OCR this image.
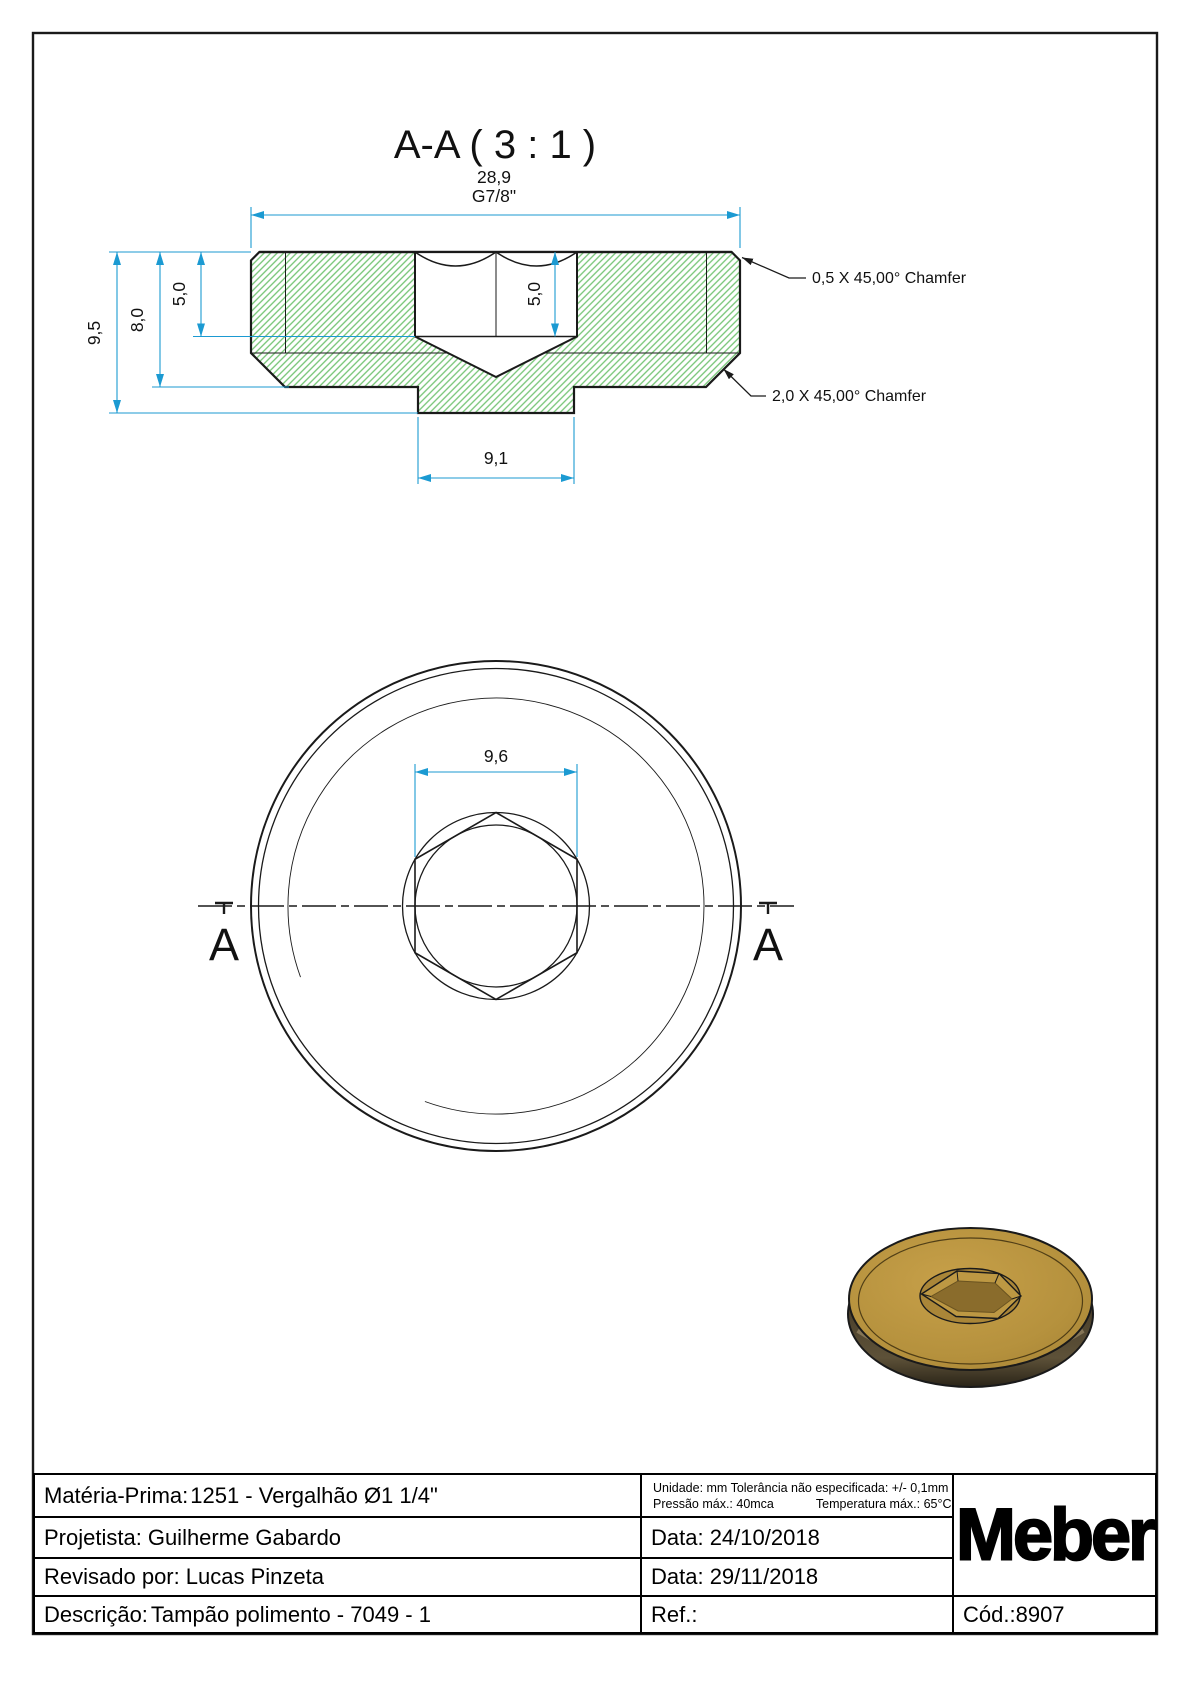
A-A ( 3 : 1 )
28,9
G7/8"
5,0
8,0
9,5
5,0
9,1
0,5 X 45,00° Chamfer
2,0 X 45,00° Chamfer
A	A
9,6
Matéria-Prima: 1251 - Vergalhão Ø1 1/4"
Projetista: Guilherme Gabardo
Revisado por: Lucas Pinzeta
Descrição: Tampão polimento - 7049 - 1
Unidade: mm Tolerância não especificada: +/- 0,1mm
Pressão máx.: 40mca	Temperatura máx.: 65°C
Data: 24/10/2018
Data: 29/11/2018
Ref.:
Meber
Cód.: 8907
